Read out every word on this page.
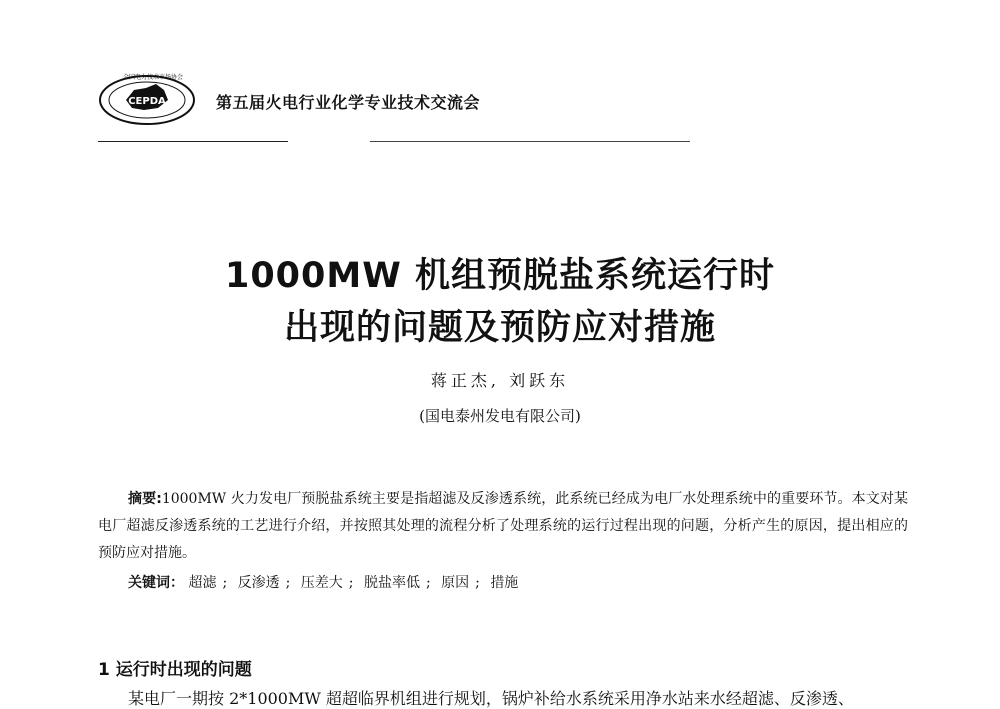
CEPDA
全国电力技术市场协会
第五届火电行业化学专业技术交流会
1000MW 机组预脱盐系统运行时
出现的问题及预防应对措施
蒋正杰, 刘跃东
(国电泰州发电有限公司)
摘要:1000MW 火力发电厂预脱盐系统主要是指超滤及反渗透系统，此系统已经成为电厂水处理系统中的重要环节。本文对某电厂超滤反渗透系统的工艺进行介绍，并按照其处理的流程分析了处理系统的运行过程出现的问题，分析产生的原因，提出相应的预防应对措施。
关键词： 超滤 ; 反渗透 ; 压差大 ; 脱盐率低 ; 原因 ; 措施
1 运行时出现的问题
某电厂一期按 2*1000MW 超超临界机组进行规划，锅炉补给水系统采用净水站来水经超滤、反渗透、
